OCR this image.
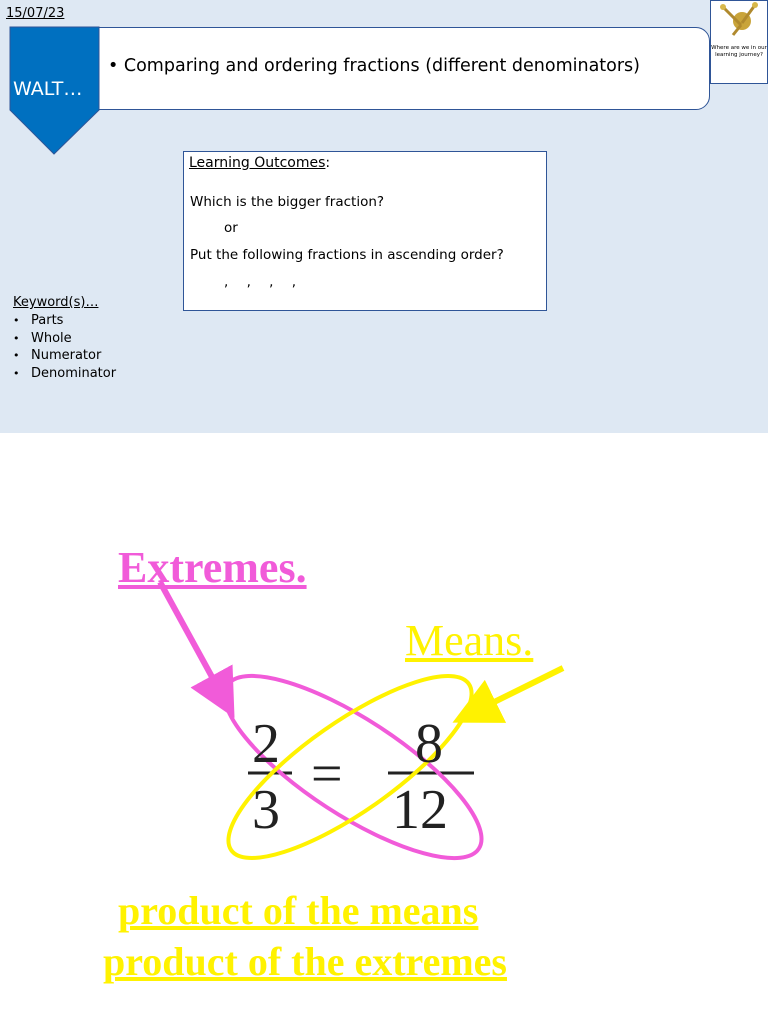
15/07/23
• Comparing and ordering fractions (different denominators)
WALT…
Where are we in our learning journey?
Learning Outcomes:
Which is the bigger fraction?
or
Put the following fractions in ascending order?
, , , ,
Keyword(s)…
• Parts
• Whole
• Numerator
• Denominator
2
3
= 8
12
Extremes.
Means.
product of the means
product of the extremes
